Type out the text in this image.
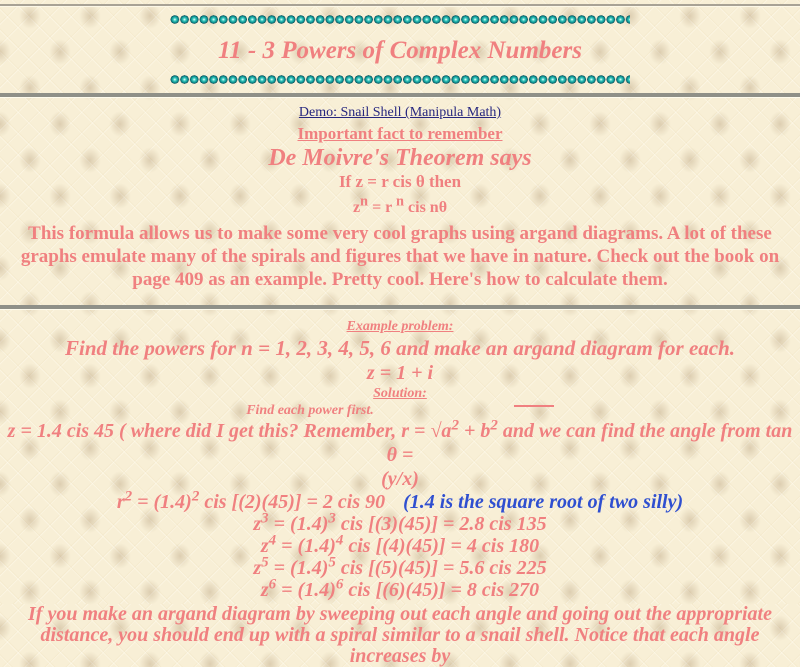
11 - 3 Powers of Complex Numbers
Demo: Snail Shell (Manipula Math)
Important fact to remember
De Moivre's Theorem says
If z = r cis θ then
$z^n = r$ $^n$ cis nθ
This formula allows us to make some very cool graphs using argand diagrams. A lot of these
graphs emulate many of the spirals and figures that we have in nature. Check out the book on
page 409 as an example. Pretty cool. Here's how to calculate them.
Example problem:
Find the powers for n = 1, 2, 3, 4, 5, 6 and make an argand diagram for each.
z = 1 + i
Solution:
Find each power first.
z = 1.4 cis 45 ( where did I get this? Remember, $r = √a^2 + b^2$ and we can find the angle from tan θ =
(y/x)
$r^2 = (1.4)^2$ cis [(2)(45)] = 2 cis 90 (1.4 is the square root of two silly)
$z^3 = (1.4)^3$ cis [(3)(45)] = 2.8 cis 135
$z^4 = (1.4)^4$ cis [(4)(45)] = 4 cis 180
$z^5 = (1.4)^5$ cis [(5)(45)] = 5.6 cis 225
$z^6 = (1.4)^6$ cis [(6)(45)] = 8 cis 270
If you make an argand diagram by sweeping out each angle and going out the appropriate
distance, you should end up with a spiral similar to a snail shell. Notice that each angle increases by
